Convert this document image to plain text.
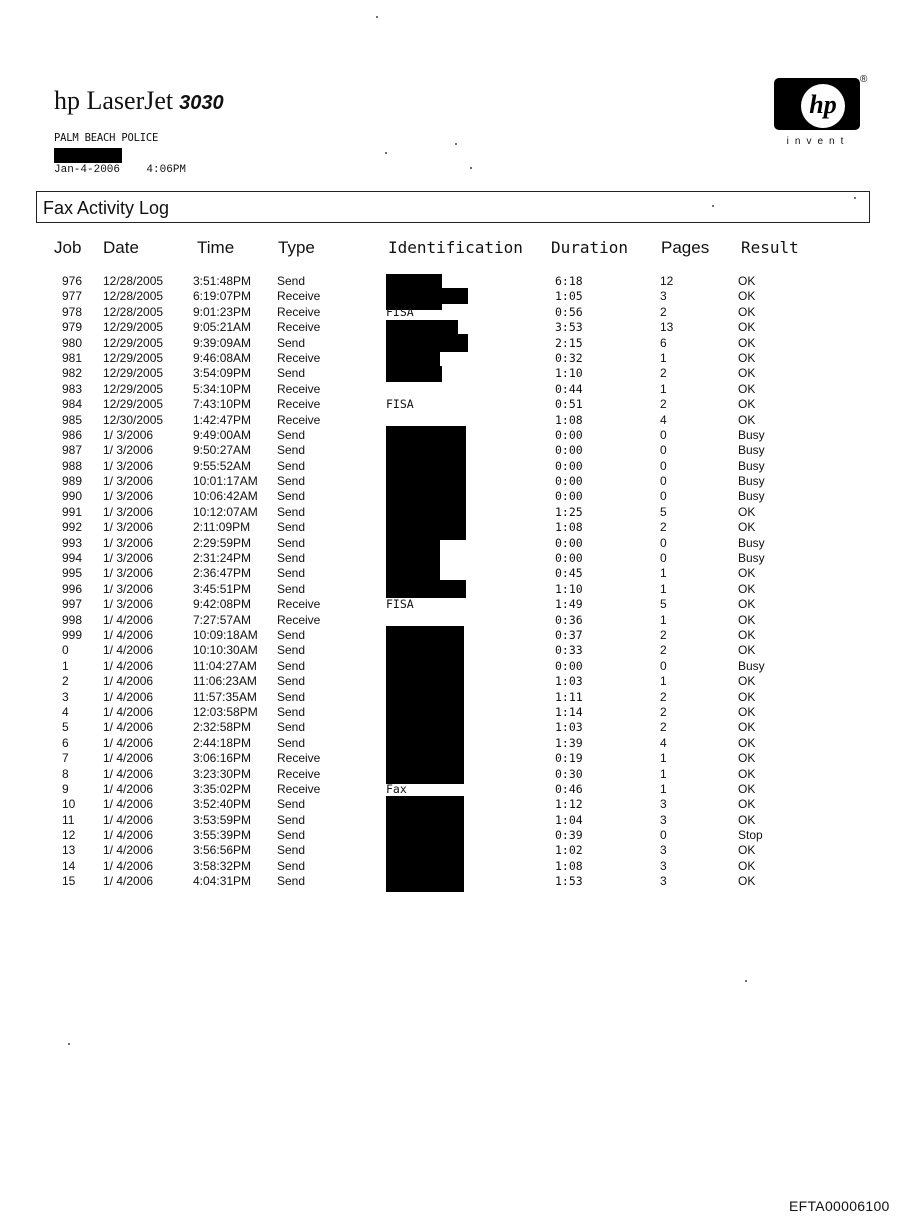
hp LaserJet 3030
PALM BEACH POLICE
Jan-4-2006    4:06PM
hp
®
invent
Fax Activity Log
Job Date	Time	Type	Identification Duration Pages Result
976 12/28/2005 3:51:48PM Send	6:18	12	OK
977 12/28/2005 6:19:07PM Receive	1:05	3	OK
978 12/28/2005 9:01:23PM Receive	FISA	0:56	2	OK
979 12/29/2005 9:05:21AM Receive	3:53	13	OK
980 12/29/2005 9:39:09AM Send	2:15	6	OK
981 12/29/2005 9:46:08AM Receive	0:32	1	OK
982 12/29/2005 3:54:09PM Send	1:10	2	OK
983 12/29/2005 5:34:10PM Receive	0:44	1	OK
984 12/29/2005 7:43:10PM Receive	FISA	0:51	2	OK
985 12/30/2005 1:42:47PM Receive	1:08	4	OK
986 1/ 3/2006	9:49:00AM Send	0:00	0	Busy
987 1/ 3/2006	9:50:27AM Send	0:00	0	Busy
988 1/ 3/2006	9:55:52AM Send	0:00	0	Busy
989 1/ 3/2006	10:01:17AM Send	0:00	0	Busy
990 1/ 3/2006	10:06:42AM Send	0:00	0	Busy
991 1/ 3/2006	10:12:07AM Send	1:25	5	OK
992 1/ 3/2006	2:11:09PM Send	1:08	2	OK
993 1/ 3/2006	2:29:59PM Send	0:00	0	Busy
994 1/ 3/2006	2:31:24PM Send	0:00	0	Busy
995 1/ 3/2006	2:36:47PM Send	0:45	1	OK
996 1/ 3/2006	3:45:51PM Send	1:10	1	OK
997 1/ 3/2006	9:42:08PM Receive	FISA	1:49	5	OK
998 1/ 4/2006	7:27:57AM Receive	0:36	1	OK
999 1/ 4/2006	10:09:18AM Send	0:37	2	OK
0	1/ 4/2006	10:10:30AM Send	0:33	2	OK
1	1/ 4/2006	11:04:27AM Send	0:00	0	Busy
2	1/ 4/2006	11:06:23AM Send	1:03	1	OK
3	1/ 4/2006	11:57:35AM Send	1:11	2	OK
4	1/ 4/2006	12:03:58PM Send	1:14	2	OK
5	1/ 4/2006	2:32:58PM Send	1:03	2	OK
6	1/ 4/2006	2:44:18PM Send	1:39	4	OK
7	1/ 4/2006	3:06:16PM Receive	0:19	1	OK
8	1/ 4/2006	3:23:30PM Receive	0:30	1	OK
9	1/ 4/2006	3:35:02PM Receive	Fax	0:46	1	OK
10 1/ 4/2006	3:52:40PM Send	1:12	3	OK
11 1/ 4/2006	3:53:59PM Send	1:04	3	OK
12 1/ 4/2006	3:55:39PM Send	0:39	0	Stop
13 1/ 4/2006	3:56:56PM Send	1:02	3	OK
14 1/ 4/2006	3:58:32PM Send	1:08	3	OK
15 1/ 4/2006	4:04:31PM Send	1:53	3	OK
EFTA00006100
